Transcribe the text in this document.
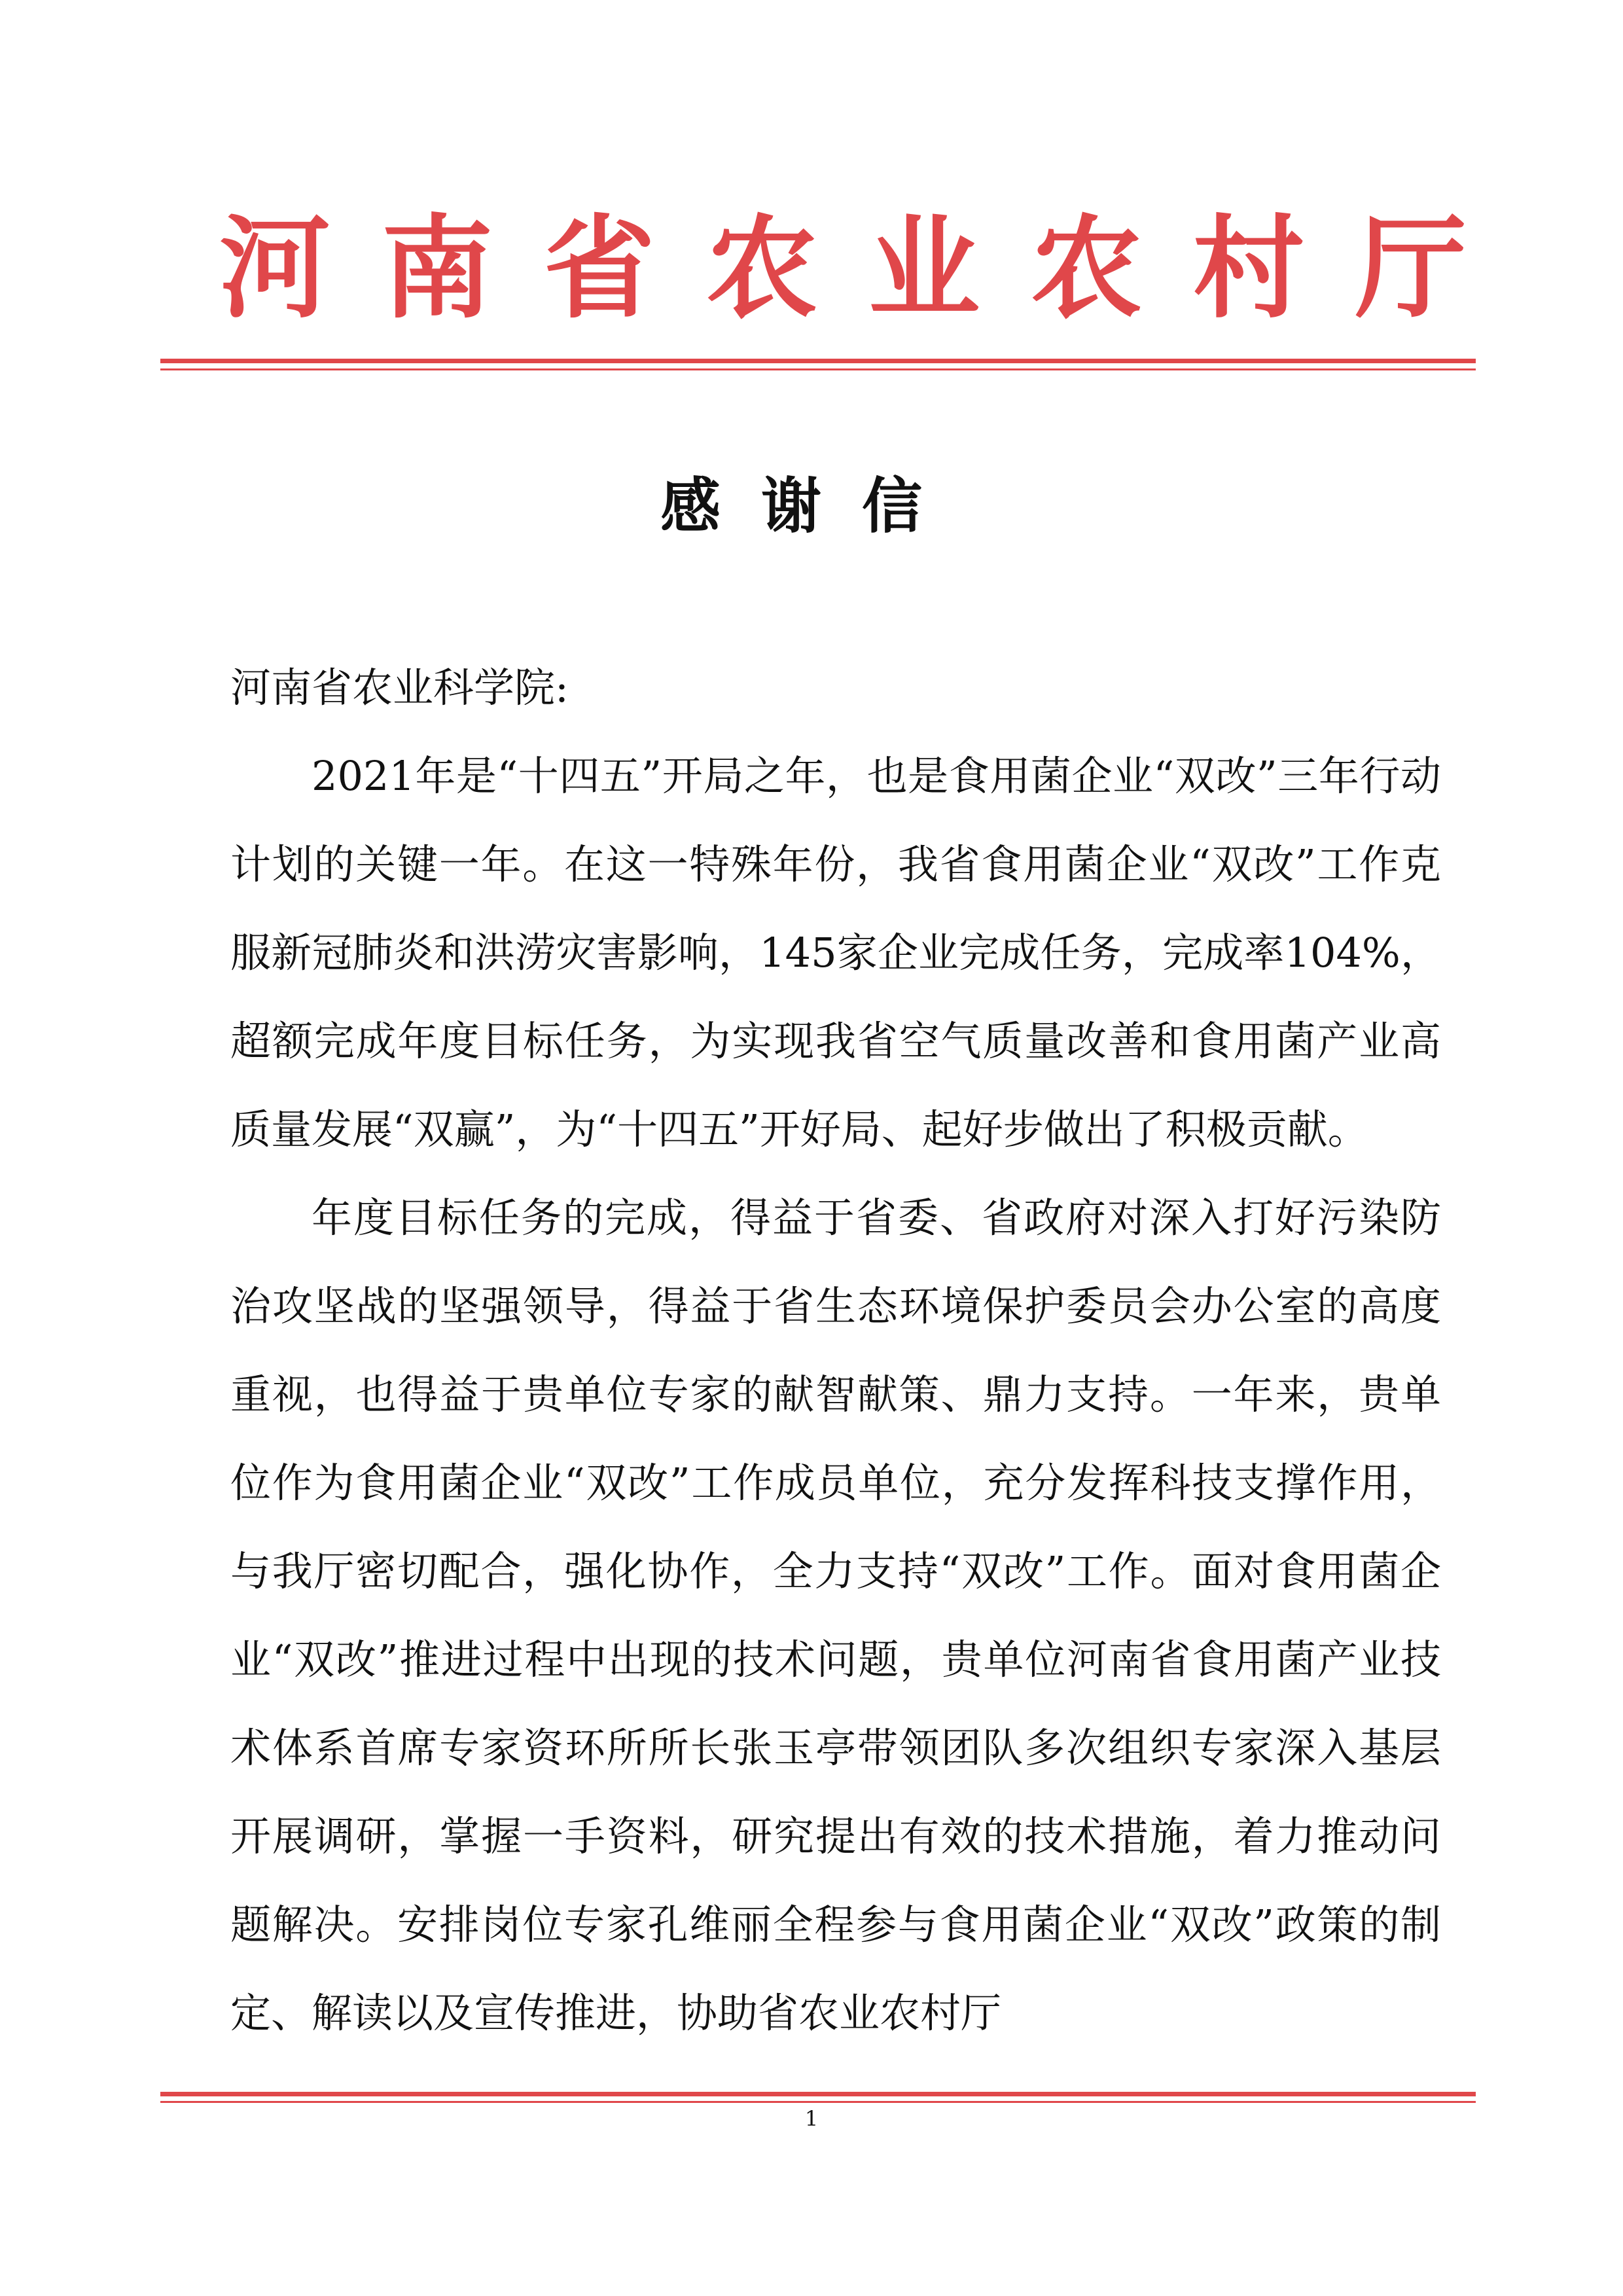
河南省农业农村厅
感谢信

河南省农业科学院:

2021年是“十四五”开局之年，也是食用菌企业“双改”三年行动计划的关键一年。在这一特殊年份，我省食用菌企业“双改”工作克服新冠肺炎和洪涝灾害影响，145家企业完成任务，完成率104%，超额完成年度目标任务，为实现我省空气质量改善和食用菌产业高质量发展“双赢”，为“十四五”开好局、起好步做出了积极贡献。

年度目标任务的完成，得益于省委、省政府对深入打好污染防治攻坚战的坚强领导，得益于省生态环境保护委员会办公室的高度重视，也得益于贵单位专家的献智献策、鼎力支持。一年来，贵单位作为食用菌企业“双改”工作成员单位，充分发挥科技支撑作用，与我厅密切配合，强化协作，全力支持“双改”工作。面对食用菌企业“双改”推进过程中出现的技术问题，贵单位河南省食用菌产业技术体系首席专家资环所所长张玉亭带领团队多次组织专家深入基层开展调研，掌握一手资料，研究提出有效的技术措施，着力推动问题解决。安排岗位专家孔维丽全程参与食用菌企业“双改”政策的制定、解读以及宣传推进，协助省农业农村厅

1
